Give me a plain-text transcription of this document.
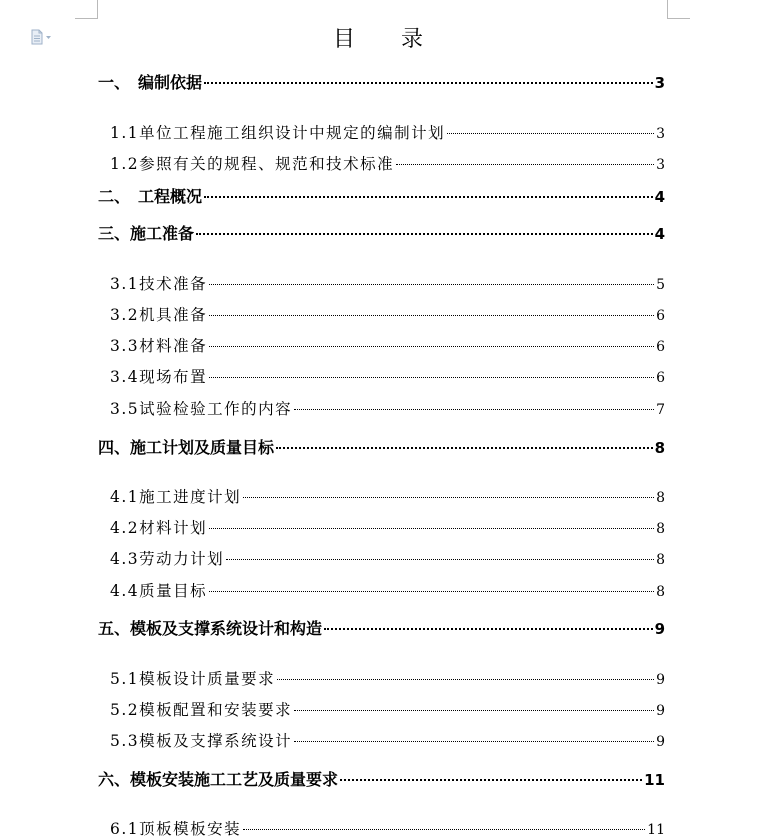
目录
一、　编制依据	3
1.1单位工程施工组织设计中规定的编制计划	3
1.2参照有关的规程、规范和技术标准	3
二、　工程概况	4
三、施工准备	4
3.1技术准备	5
3.2机具准备	6
3.3材料准备	6
3.4现场布置	6
3.5试验检验工作的内容	7
四、施工计划及质量目标	8
4.1施工进度计划	8
4.2材料计划	8
4.3劳动力计划	8
4.4质量目标	8
五、模板及支撑系统设计和构造	9
5.1模板设计质量要求	9
5.2模板配置和安装要求	9
5.3模板及支撑系统设计	9
六、模板安装施工工艺及质量要求	11
6.1顶板模板安装	11
